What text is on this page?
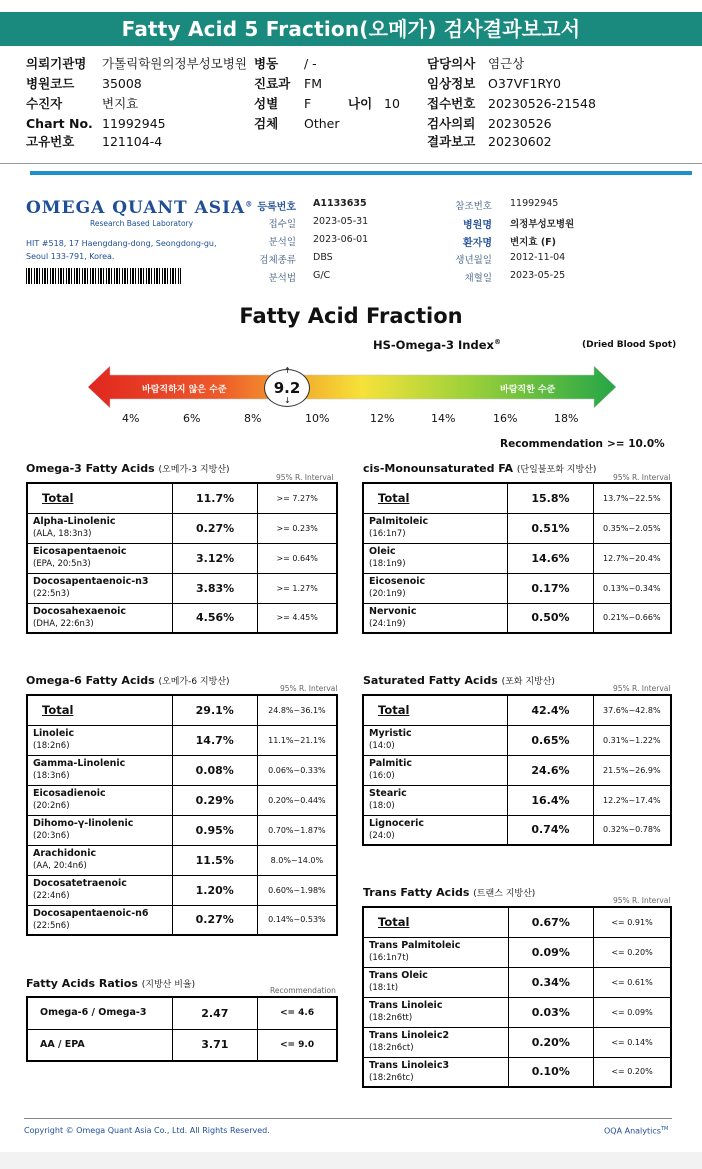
Fatty Acid 5 Fraction(오메가) 검사결과보고서
의뢰기관명 가톨릭학원의정부성모병원 병동 / -	담당의사 염근상
병원코드 35008	진료과 FM	임상정보 O37VF1RY0
수진자	변지효	성별 F	나이 10 접수번호 20230526-21548
Chart No. 11992945	검체 Other	검사의뢰 20230526
고유번호 121104-4	결과보고 20230602
OMEGA QUANT ASIA®
Research Based Laboratory
HIT #518, 17 Haengdang-dong, Seongdong-gu,
Seoul 133-791, Korea.
등록번호 A1133635
접수일 2023-05-31
분석일 2023-06-01
검체종류 DBS
분석법 G/C
참조번호 11992945
병원명 의정부성모병원
환자명 변지효 (F)
생년월일 2012-11-04
채혈일 2023-05-25
Fatty Acid Fraction
HS-Omega-3 Index®	(Dried Blood Spot)
바람직하지 않은 수준	바람직한 수준
9.2
↑
↓
4%	6%	8%	10%	12%	14%	16%	18%
Recommendation >= 10.0%
Omega-3 Fatty Acids (오메가-3 지방산)
95% R. Interval
Total	11.7%	>= 7.27%
Alpha-Linolenic
(ALA, 18:3n3)	0.27%	>= 0.23%
Eicosapentaenoic
(EPA, 20:5n3)	3.12%	>= 0.64%
Docosapentaenoic-n3
(22:5n3)	3.83%	>= 1.27%
Docosahexaenoic
(DHA, 22:6n3)	4.56%	>= 4.45%
cis-Monounsaturated FA (단일불포화 지방산)
95% R. Interval
Total	15.8%	13.7%~22.5%
Palmitoleic
(16:1n7)	0.51%	0.35%~2.05%
Oleic
(18:1n9)	14.6%	12.7%~20.4%
Eicosenoic
(20:1n9)	0.17%	0.13%~0.34%
Nervonic
(24:1n9)	0.50%	0.21%~0.66%
Omega-6 Fatty Acids (오메가-6 지방산)
95% R. Interval
Total	29.1%	24.8%~36.1%
Linoleic
(18:2n6)	14.7%	11.1%~21.1%
Gamma-Linolenic
(18:3n6)	0.08%	0.06%~0.33%
Eicosadienoic
(20:2n6)	0.29%	0.20%~0.44%
Dihomo-γ-linolenic
(20:3n6)	0.95%	0.70%~1.87%
Arachidonic
(AA, 20:4n6)	11.5%	8.0%~14.0%
Docosatetraenoic
(22:4n6)	1.20%	0.60%~1.98%
Docosapentaenoic-n6
(22:5n6)	0.27%	0.14%~0.53%
Saturated Fatty Acids (포화 지방산)
95% R. Interval
Total	42.4%	37.6%~42.8%
Myristic
(14:0)	0.65%	0.31%~1.22%
Palmitic
(16:0)	24.6%	21.5%~26.9%
Stearic
(18:0)	16.4%	12.2%~17.4%
Lignoceric
(24:0)	0.74%	0.32%~0.78%
Trans Fatty Acids (트랜스 지방산)
95% R. Interval
Total	0.67%	<= 0.91%
Trans Palmitoleic
(16:1n7t)	0.09%	<= 0.20%
Trans Oleic
(18:1t)	0.34%	<= 0.61%
Trans Linoleic
(18:2n6tt)	0.03%	<= 0.09%
Trans Linoleic2
(18:2n6ct)	0.20%	<= 0.14%
Trans Linoleic3
(18:2n6tc)	0.10%	<= 0.20%
Fatty Acids Ratios (지방산 비율)
Recommendation
Omega-6 / Omega-3	2.47	<= 4.6
AA / EPA	3.71	<= 9.0
Copyright © Omega Quant Asia Co., Ltd. All Rights Reserved.	OQA Analytics™
